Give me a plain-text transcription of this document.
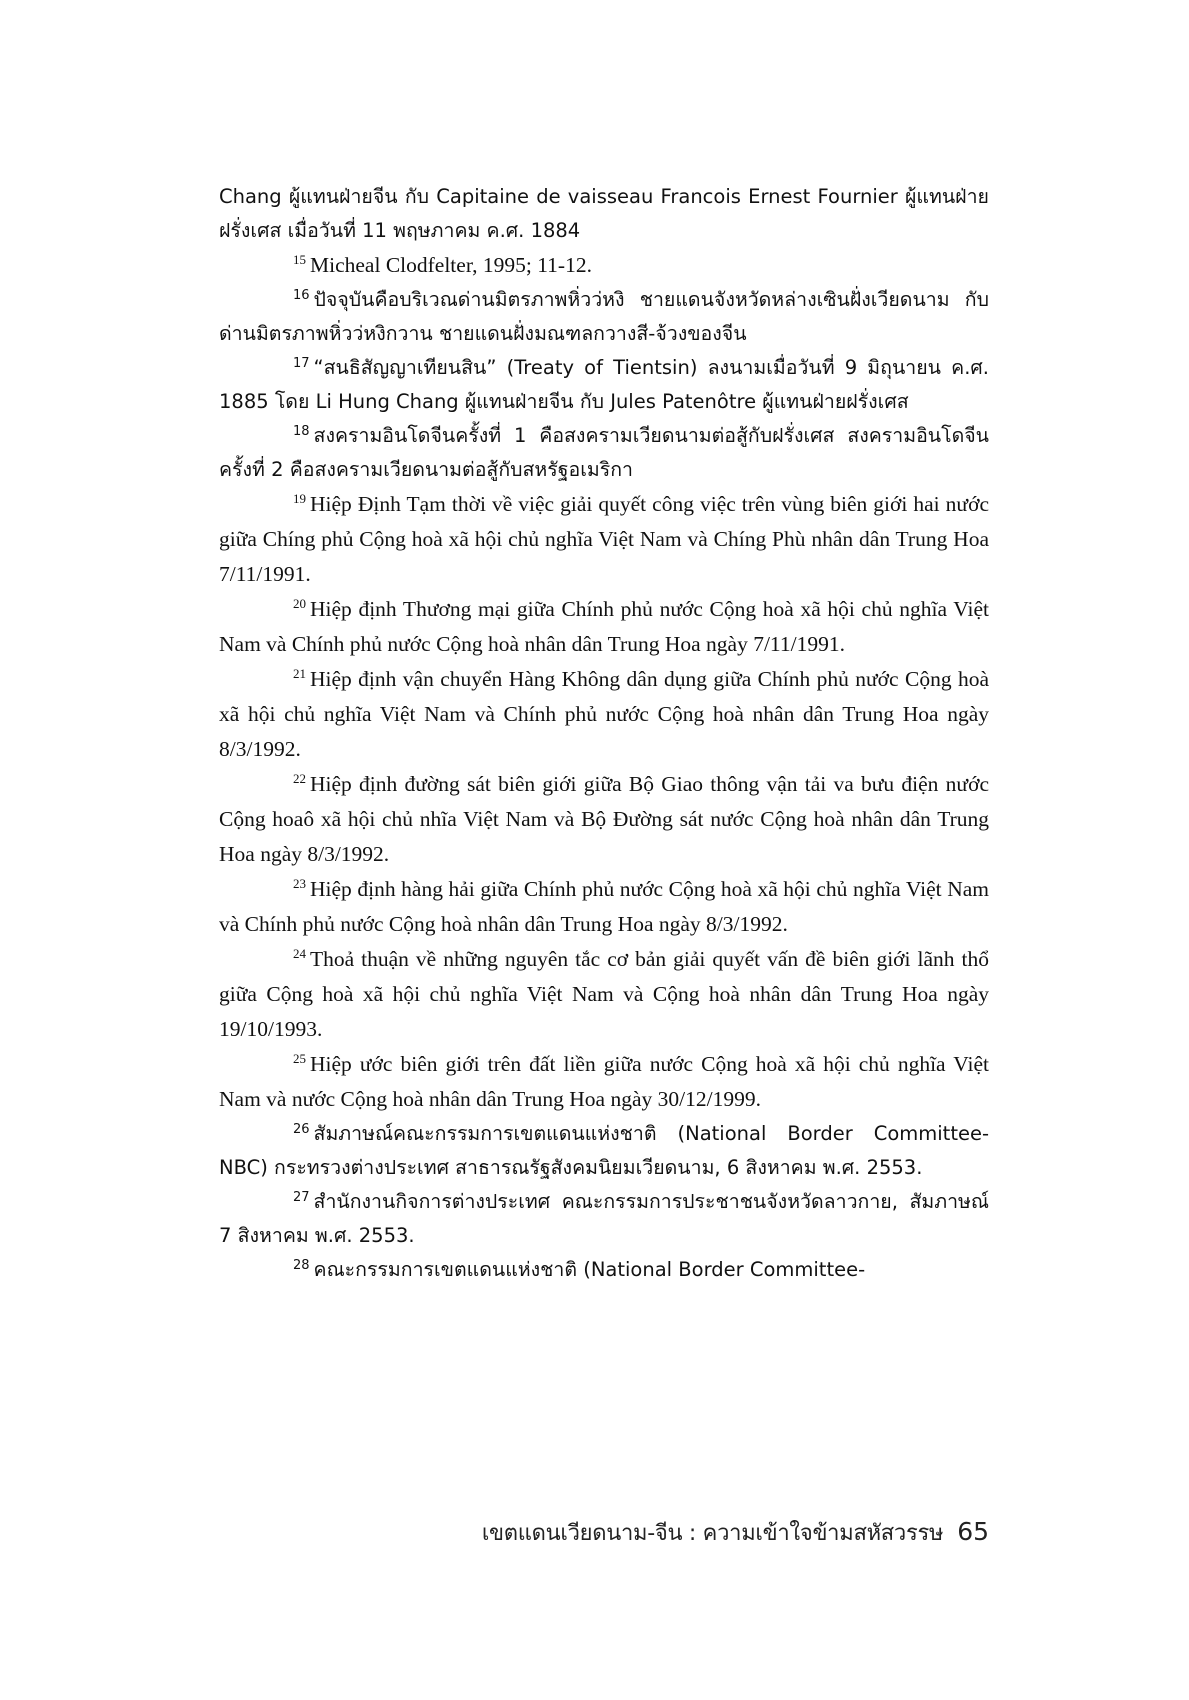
Chang ผู้แทนฝ่ายจีน กับ Capitaine de vaisseau Francois Ernest Fournier ผู้แทนฝ่ายฝรั่งเศส เมื่อวันที่ 11 พฤษภาคม ค.ศ. 1884

$^{15}$ Micheal Clodfelter, 1995; 11-12.

$^{16}$ ปัจจุบันคือบริเวณด่านมิตรภาพหิ่วว่หงิ ชายแดนจังหวัดหล่างเซินฝั่งเวียดนาม กับด่านมิตรภาพหิ่วว่หงิกวาน ชายแดนฝั่งมณฑลกวางสี-จ้วงของจีน

$^{17}$ “สนธิสัญญาเทียนสิน” (Treaty of Tientsin) ลงนามเมื่อวันที่ 9 มิถุนายน ค.ศ. 1885 โดย Li Hung Chang ผู้แทนฝ่ายจีน กับ Jules Patenôtre ผู้แทนฝ่ายฝรั่งเศส

$^{18}$ สงครามอินโดจีนครั้งที่ 1 คือสงครามเวียดนามต่อสู้กับฝรั่งเศส สงครามอินโดจีนครั้งที่ 2 คือสงครามเวียดนามต่อสู้กับสหรัฐอเมริกา

$^{19}$ Hiệp Định Tạm thời về việc giải quyết công việc trên vùng biên giới hai nước giữa Chíng phủ Cộng hoà xã hội chủ nghĩa Việt Nam và Chíng Phù nhân dân Trung Hoa 7/11/1991.

$^{20}$ Hiệp định Thương mại giữa Chính phủ nước Cộng hoà xã hội chủ nghĩa Việt Nam và Chính phủ nước Cộng hoà nhân dân Trung Hoa ngày 7/11/1991.

$^{21}$ Hiệp định vận chuyển Hàng Không dân dụng giữa Chính phủ nước Cộng hoà xã hội chủ nghĩa Việt Nam và Chính phủ nước Cộng hoà nhân dân Trung Hoa ngày 8/3/1992.

$^{22}$ Hiệp định đường sát biên giới giữa Bộ Giao thông vận tải va bưu điện nước Cộng hoaô xã hội chủ nhĩa Việt Nam và Bộ Đường sát nước Cộng hoà nhân dân Trung Hoa ngày 8/3/1992.

$^{23}$ Hiệp định hàng hải giữa Chính phủ nước Cộng hoà xã hội chủ nghĩa Việt Nam và Chính phủ nước Cộng hoà nhân dân Trung Hoa ngày 8/3/1992.

$^{24}$ Thoả thuận về những nguyên tắc cơ bản giải quyết vấn đề biên giới lãnh thổ giữa Cộng hoà xã hội chủ nghĩa Việt Nam và Cộng hoà nhân dân Trung Hoa ngày 19/10/1993.

$^{25}$ Hiệp ước biên giới trên đất liền giữa nước Cộng hoà xã hội chủ nghĩa Việt Nam và nước Cộng hoà nhân dân Trung Hoa ngày 30/12/1999.

$^{26}$ สัมภาษณ์คณะกรรมการเขตแดนแห่งชาติ (National Border Committee-NBC) กระทรวงต่างประเทศ สาธารณรัฐสังคมนิยมเวียดนาม, 6 สิงหาคม พ.ศ. 2553.

$^{27}$ สำนักงานกิจการต่างประเทศ คณะกรรมการประชาชนจังหวัดลาวกาย, สัมภาษณ์ 7 สิงหาคม พ.ศ. 2553.

$^{28}$ คณะกรรมการเขตแดนแห่งชาติ (National Border Committee-

เขตแดนเวียดนาม-จีน : ความเข้าใจข้ามสหัสวรรษ 65
